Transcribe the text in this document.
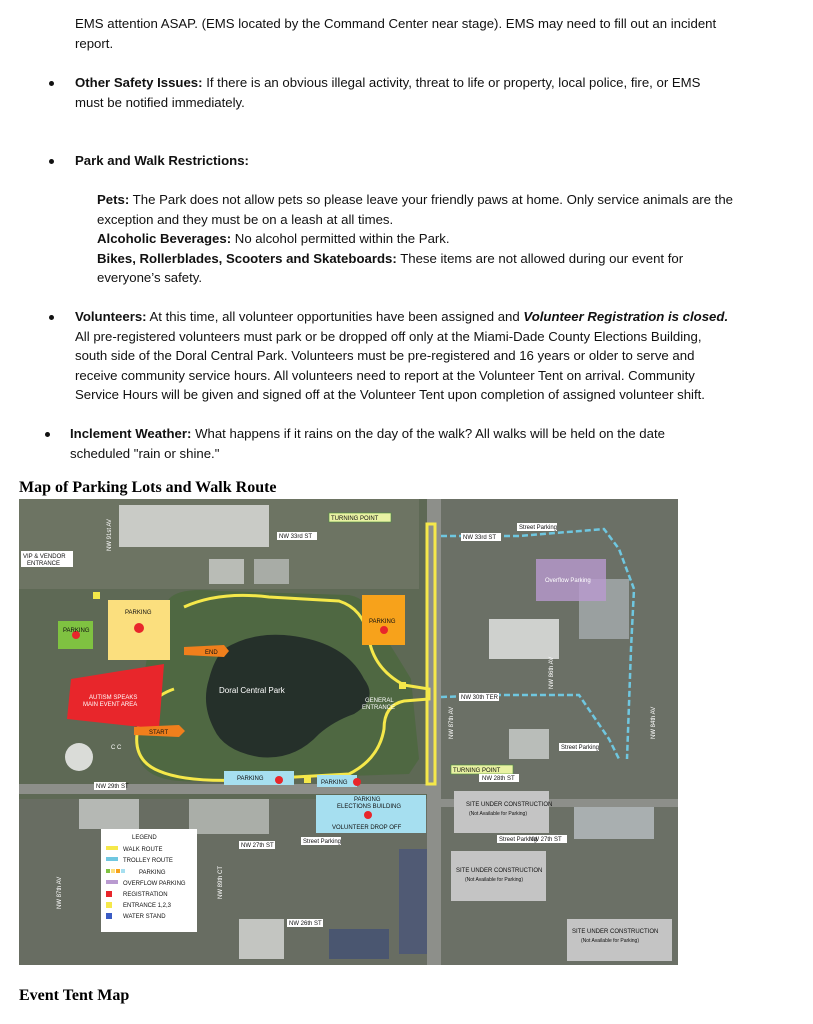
EMS attention ASAP. (EMS located by the Command Center near stage). EMS may need to fill out an incident
report.
Other Safety Issues: If there is an obvious illegal activity, threat to life or property, local police, fire, or EMS
must be notified immediately.
Park and Walk Restrictions:
Pets: The Park does not allow pets so please leave your friendly paws at home. Only service animals are the
exception and they must be on a leash at all times.
Alcoholic Beverages: No alcohol permitted within the Park.
Bikes, Rollerblades, Scooters and Skateboards: These items are not allowed during our event for
everyone’s safety.
Volunteers: At this time, all volunteer opportunities have been assigned and Volunteer Registration is closed.
All pre-registered volunteers must park or be dropped off only at the Miami-Dade County Elections Building,
south side of the Doral Central Park. Volunteers must be pre-registered and 16 years or older to serve and
receive community service hours. All volunteers need to report at the Volunteer Tent on arrival. Community
Service Hours will be given and signed off at the Volunteer Tent upon completion of assigned volunteer shift.
Inclement Weather: What happens if it rains on the day of the walk? All walks will be held on the date
scheduled "rain or shine."
Map of Parking Lots and Walk Route
TURNING POINT
TURNING POINT
Street Parking
Street Parking
Street Parking
Street Parking
NW 33rd ST	NW 33rd ST
NW 91st AV
VIP & VENDOR
ENTRANCE
PARKING
PARKING
PARKING
Overflow Parking
END
Doral Central Park
GENERAL
ENTRANCE
NW 86th AV
NW 30th TER
AUTISM SPEAKS
MAIN EVENT AREA
START
C C
NW 87th AV	NW 84th AV
NW 28th ST
NW 29th ST
PARKING
PARKING
PARKING
ELECTIONS BUILDING
VOLUNTEER DROP OFF
SITE UNDER CONSTRUCTION
(Not Available for Parking)
SITE UNDER CONSTRUCTION
(Not Available for Parking)
SITE UNDER CONSTRUCTION
(Not Available for Parking)
NW 27th ST
NW 27th ST
NW 89th CT
NW 26th ST
NW 87th AV
LEGEND
WALK ROUTE
TROLLEY ROUTE
PARKING
OVERFLOW PARKING
REGISTRATION
ENTRANCE 1,2,3
WATER STAND
Event Tent Map
